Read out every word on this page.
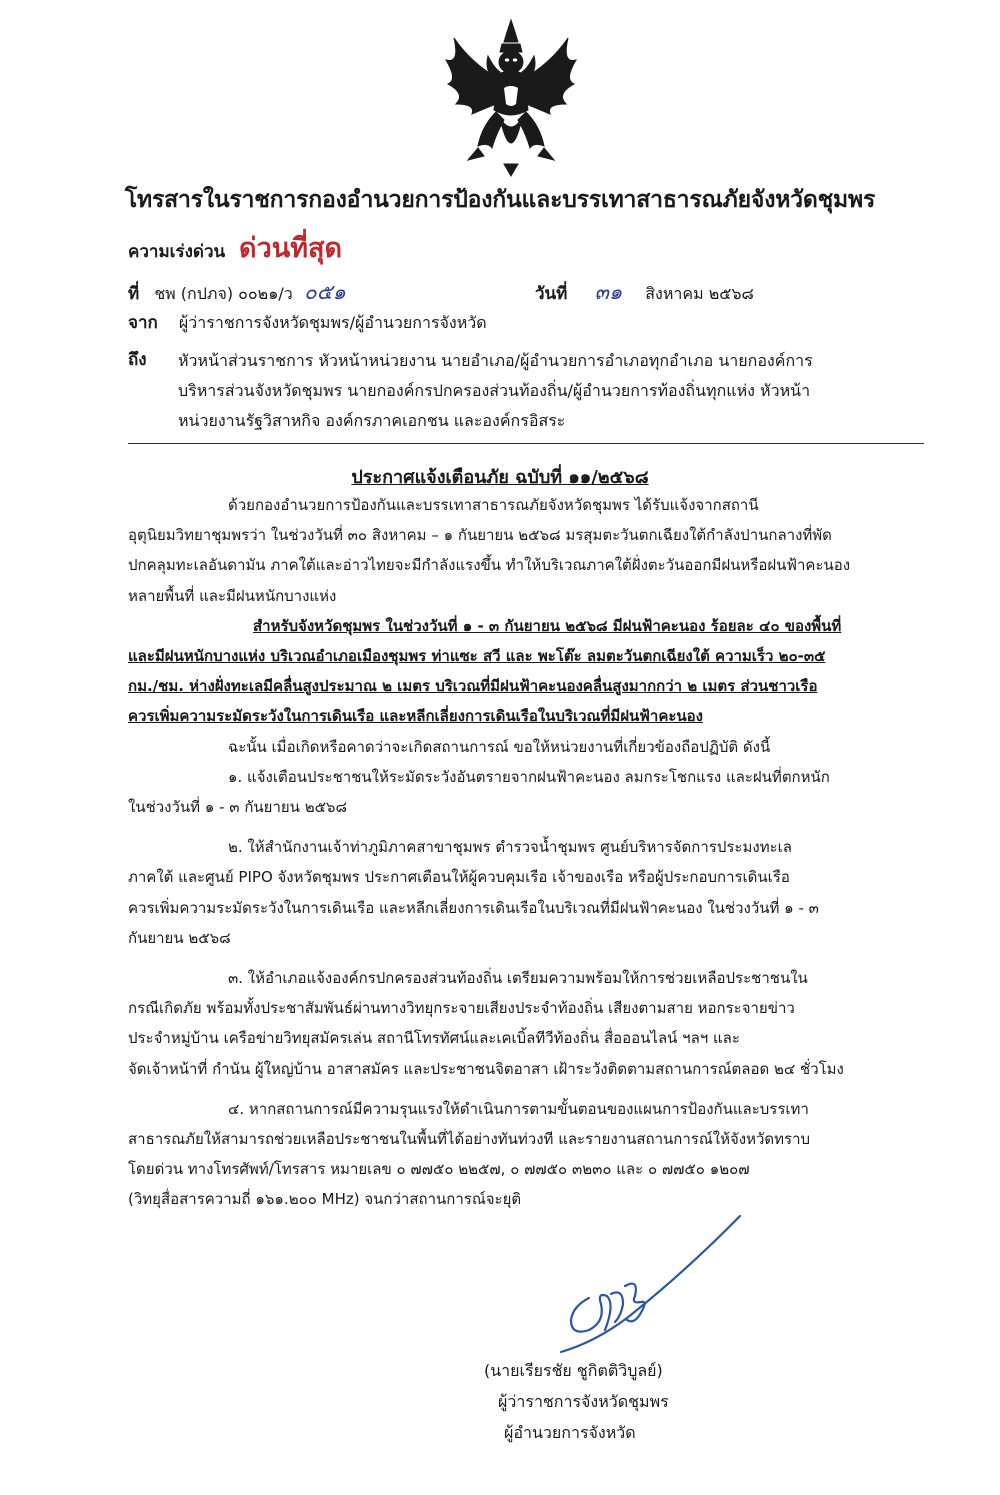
โทรสารในราชการกองอำนวยการป้องกันและบรรเทาสาธารณภัยจังหวัดชุมพร
ความเร่งด่วน ด่วนที่สุด
ที่ ชพ (กปภจ) ๐๐๒๑/ว ๐๕๑	วันที่ ๓๑ สิงหาคม ๒๕๖๘
จาก ผู้ว่าราชการจังหวัดชุมพร/ผู้อำนวยการจังหวัด
ถึง หัวหน้าส่วนราชการ หัวหน้าหน่วยงาน นายอำเภอ/ผู้อำนวยการอำเภอทุกอำเภอ นายกองค์การ
บริหารส่วนจังหวัดชุมพร นายกองค์กรปกครองส่วนท้องถิ่น/ผู้อำนวยการท้องถิ่นทุกแห่ง หัวหน้า
หน่วยงานรัฐวิสาหกิจ องค์กรภาคเอกชน และองค์กรอิสระ
ประกาศแจ้งเตือนภัย ฉบับที่ ๑๑/๒๕๖๘
ด้วยกองอำนวยการป้องกันและบรรเทาสาธารณภัยจังหวัดชุมพร ได้รับแจ้งจากสถานี
อุตุนิยมวิทยาชุมพรว่า ในช่วงวันที่ ๓๐ สิงหาคม – ๑ กันยายน ๒๕๖๘ มรสุมตะวันตกเฉียงใต้กำลังปานกลางที่พัด
ปกคลุมทะเลอันดามัน ภาคใต้และอ่าวไทยจะมีกำลังแรงขึ้น ทำให้บริเวณภาคใต้ฝั่งตะวันออกมีฝนหรือฝนฟ้าคะนอง
หลายพื้นที่ และมีฝนหนักบางแห่ง
สำหรับจังหวัดชุมพร ในช่วงวันที่ ๑ - ๓ กันยายน ๒๕๖๘ มีฝนฟ้าคะนอง ร้อยละ ๔๐ ของพื้นที่
และมีฝนหนักบางแห่ง บริเวณอำเภอเมืองชุมพร ท่าแซะ สวี และ พะโต๊ะ ลมตะวันตกเฉียงใต้ ความเร็ว ๒๐-๓๕
กม./ชม. ห่างฝั่งทะเลมีคลื่นสูงประมาณ ๒ เมตร บริเวณที่มีฝนฟ้าคะนองคลื่นสูงมากกว่า ๒ เมตร ส่วนชาวเรือ
ควรเพิ่มความระมัดระวังในการเดินเรือ และหลีกเลี่ยงการเดินเรือในบริเวณที่มีฝนฟ้าคะนอง
ฉะนั้น เมื่อเกิดหรือคาดว่าจะเกิดสถานการณ์ ขอให้หน่วยงานที่เกี่ยวข้องถือปฏิบัติ ดังนี้
๑. แจ้งเตือนประชาชนให้ระมัดระวังอันตรายจากฝนฟ้าคะนอง ลมกระโชกแรง และฝนที่ตกหนัก
ในช่วงวันที่ ๑ - ๓ กันยายน ๒๕๖๘
๒. ให้สำนักงานเจ้าท่าภูมิภาคสาขาชุมพร ตำรวจน้ำชุมพร ศูนย์บริหารจัดการประมงทะเล
ภาคใต้ และศูนย์ PIPO จังหวัดชุมพร ประกาศเตือนให้ผู้ควบคุมเรือ เจ้าของเรือ หรือผู้ประกอบการเดินเรือ
ควรเพิ่มความระมัดระวังในการเดินเรือ และหลีกเลี่ยงการเดินเรือในบริเวณที่มีฝนฟ้าคะนอง ในช่วงวันที่ ๑ - ๓
กันยายน ๒๕๖๘
๓. ให้อำเภอแจ้งองค์กรปกครองส่วนท้องถิ่น เตรียมความพร้อมให้การช่วยเหลือประชาชนใน
กรณีเกิดภัย พร้อมทั้งประชาสัมพันธ์ผ่านทางวิทยุกระจายเสียงประจำท้องถิ่น เสียงตามสาย หอกระจายข่าว
ประจำหมู่บ้าน เครือข่ายวิทยุสมัครเล่น สถานีโทรทัศน์และเคเบิ้ลทีวีท้องถิ่น สื่อออนไลน์ ฯลฯ และ
จัดเจ้าหน้าที่ กำนัน ผู้ใหญ่บ้าน อาสาสมัคร และประชาชนจิตอาสา เฝ้าระวังติดตามสถานการณ์ตลอด ๒๔ ชั่วโมง
๔. หากสถานการณ์มีความรุนแรงให้ดำเนินการตามขั้นตอนของแผนการป้องกันและบรรเทา
สาธารณภัยให้สามารถช่วยเหลือประชาชนในพื้นที่ได้อย่างทันท่วงที และรายงานสถานการณ์ให้จังหวัดทราบ
โดยด่วน ทางโทรศัพท์/โทรสาร หมายเลข ๐ ๗๗๕๐ ๒๒๕๗, ๐ ๗๗๕๐ ๓๒๓๐ และ ๐ ๗๗๕๐ ๑๒๐๗
(วิทยุสื่อสารความถี่ ๑๖๑.๒๐๐ MHz) จนกว่าสถานการณ์จะยุติ
(นายเรียรชัย ชูกิตติวิบูลย์)
ผู้ว่าราชการจังหวัดชุมพร
ผู้อำนวยการจังหวัด
